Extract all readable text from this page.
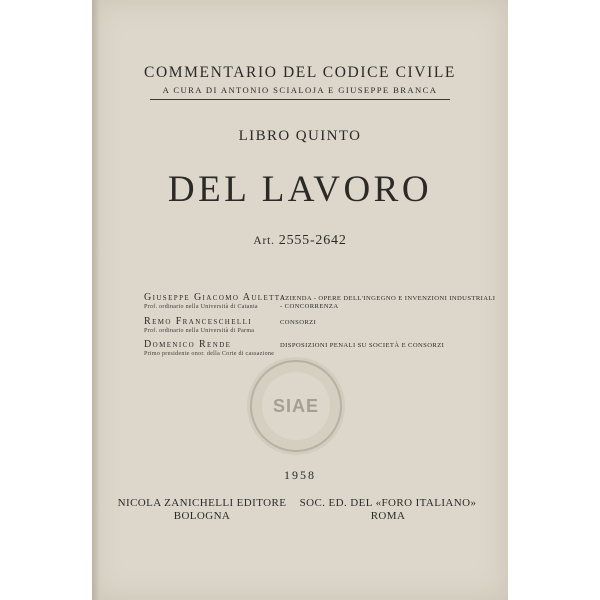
COMMENTARIO DEL CODICE CIVILE
A CURA DI ANTONIO SCIALOJA E GIUSEPPE BRANCA
LIBRO QUINTO
DEL LAVORO
Art. 2555-2642
Giuseppe Giacomo Auletta
Prof. ordinario nella Università di Catania
AZIENDA - OPERE DELL'INGEGNO E INVENZIONI INDUSTRIALI - CONCORRENZA
Remo Franceschelli
Prof. ordinario nella Università di Parma
CONSORZI
Domenico Rende
Primo presidente onor. della Corte di cassazione
DISPOSIZIONI PENALI SU SOCIETÀ E CONSORZI
SIAE
1958
NICOLA ZANICHELLI EDITORE
BOLOGNA
SOC. ED. DEL «FORO ITALIANO»
ROMA
